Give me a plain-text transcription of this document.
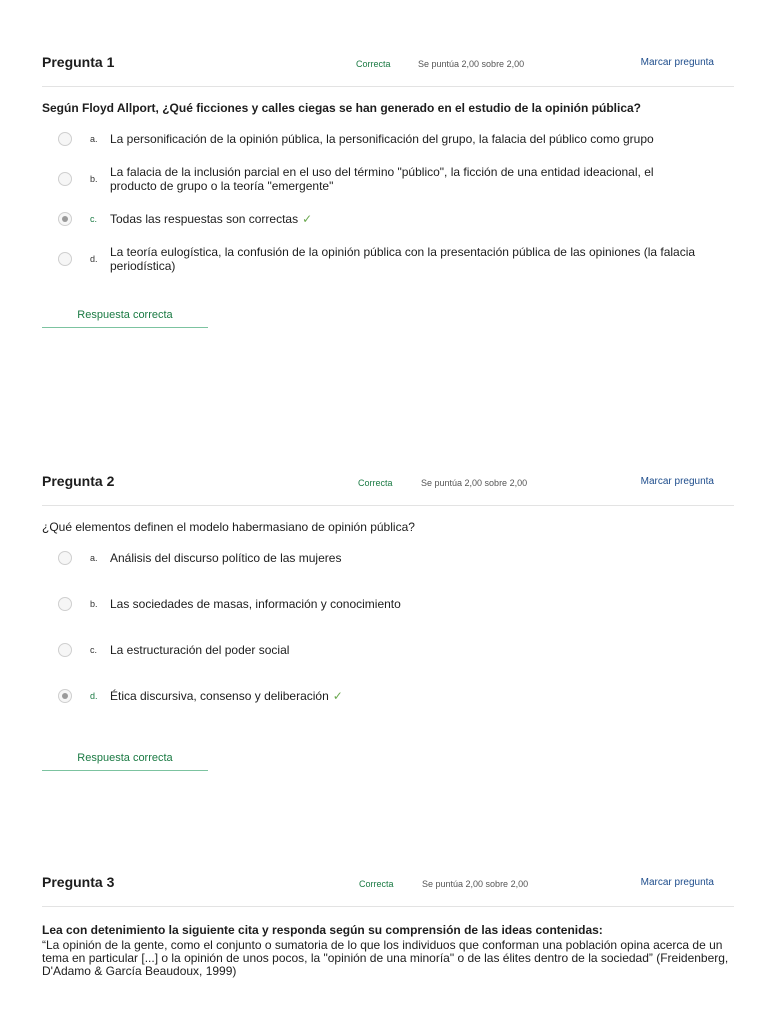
Pregunta 1	Correcta	Se puntúa 2,00 sobre 2,00	Marcar pregunta
Según Floyd Allport, ¿Qué ficciones y calles ciegas se han generado en el estudio de la opinión pública?
a.	La personificación de la opinión pública, la personificación del grupo, la falacia del público como grupo
b.	La falacia de la inclusión parcial en el uso del término "público", la ficción de una entidad ideacional, el producto de grupo o la teoría "emergente"
c.	Todas las respuestas son correctas ✓
d.	La teoría eulogística, la confusión de la opinión pública con la presentación pública de las opiniones (la falacia periodística)
Respuesta correcta
Pregunta 2	Correcta	Se puntúa 2,00 sobre 2,00	Marcar pregunta
¿Qué elementos definen el modelo habermasiano de opinión pública?
a.	Análisis del discurso político de las mujeres
b.	Las sociedades de masas, información y conocimiento
c.	La estructuración del poder social
d.	Ética discursiva, consenso y deliberación ✓
Respuesta correcta
Pregunta 3	Correcta	Se puntúa 2,00 sobre 2,00	Marcar pregunta
Lea con detenimiento la siguiente cita y responda según su comprensión de las ideas contenidas:
“La opinión de la gente, como el conjunto o sumatoria de lo que los individuos que conforman una población opina acerca de un tema en particular [...] o la opinión de unos pocos, la "opinión de una minoría" o de las élites dentro de la sociedad” (Freidenberg, D'Adamo & García Beaudoux, 1999)
